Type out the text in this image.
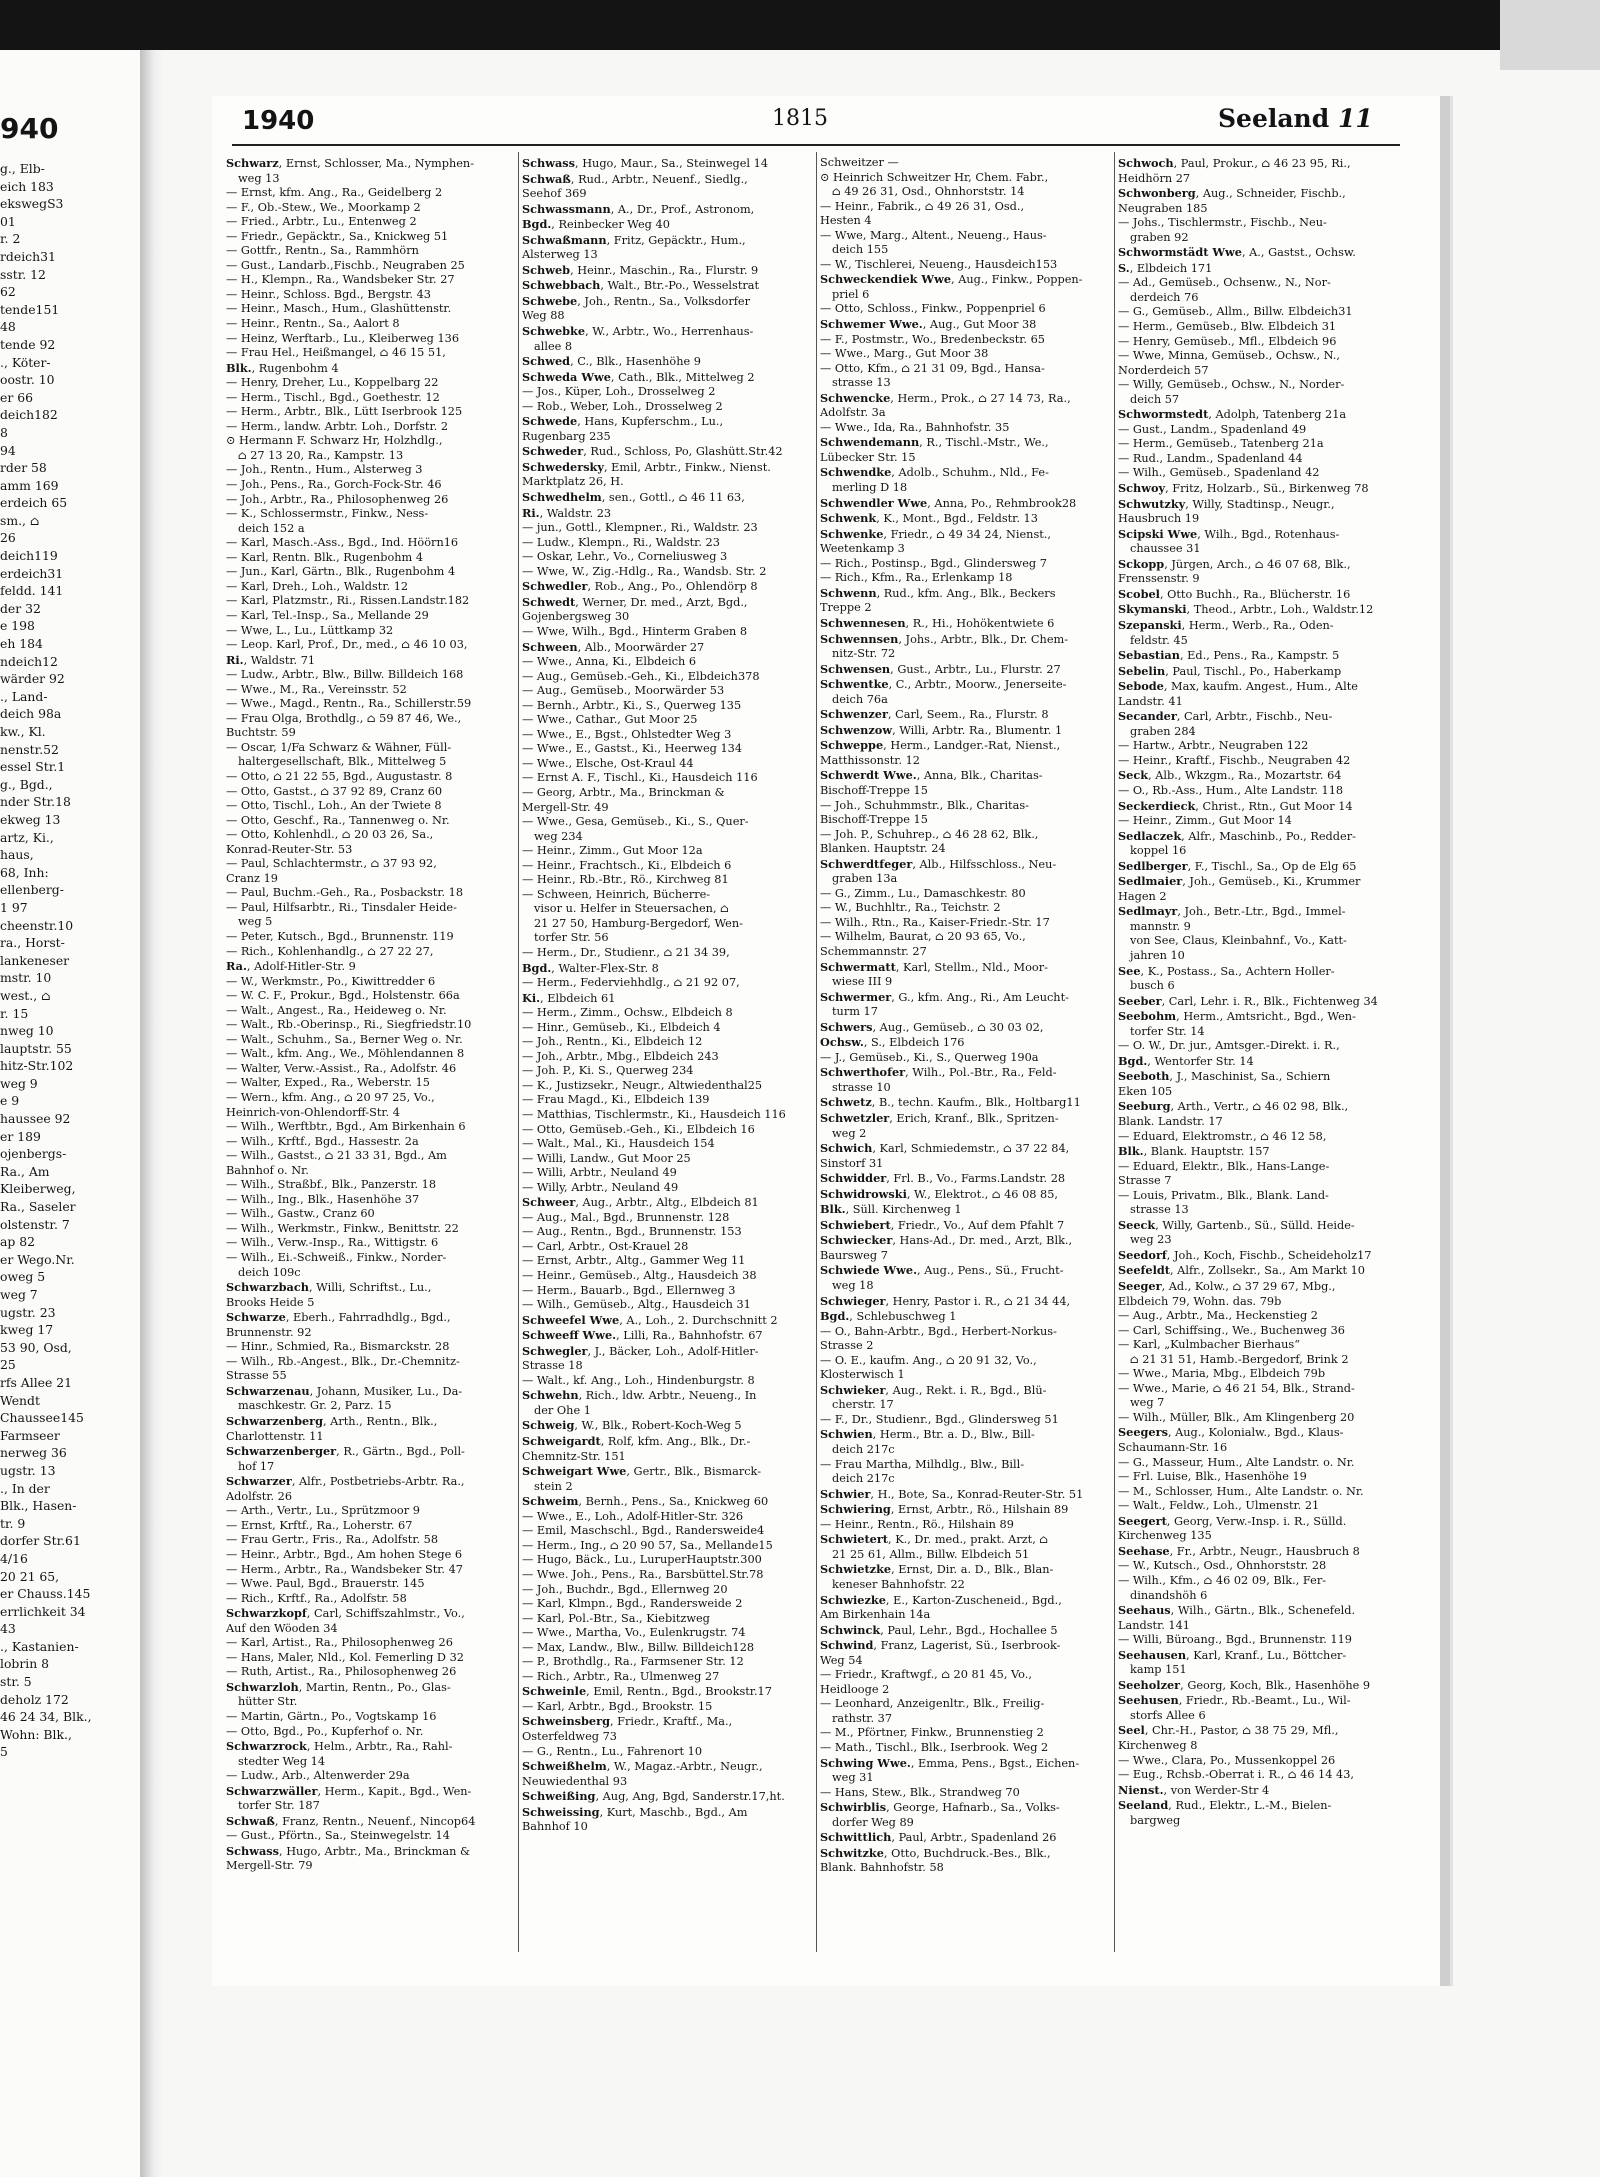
940
g., Elb-
eich 183
ekswegS3
01
r. 2
rdeich31
sstr. 12
62
tende151
48
tende 92
., Köter-
oostr. 10
er 66
deich182
8
94
rder 58
amm 169
erdeich 65
sm., ⌂
26
deich119
erdeich31
feldd. 141
der 32
e 198
eh 184
ndeich12
wärder 92
., Land-
deich 98a
kw., Kl.
nenstr.52
essel Str.1
g., Bgd.,
nder Str.18
ekweg 13
artz, Ki.,
haus,
68, Inh:
ellenberg-
1 97
cheenstr.10
ra., Horst-
lankeneser
mstr. 10
west., ⌂
r. 15
nweg 10
lauptstr. 55
hitz-Str.102
weg 9
e 9
haussee 92
er 189
ojenbergs-
Ra., Am
Kleiberweg,
Ra., Saseler
olstenstr. 7
ap 82
er Wego.Nr.
oweg 5
weg 7
ugstr. 23
kweg 17
53 90, Osd,
25
rfs Allee 21
Wendt
Chaussee145
Farmseer
nerweg 36
ugstr. 13
., In der
Blk., Hasen-
tr. 9
dorfer Str.61
4/16
20 21 65,
er Chauss.145
errlichkeit 34
43
., Kastanien-
lobrin 8
str. 5
deholz 172
46 24 34, Blk.,
Wohn: Blk.,
5
1940	1815	Seeland 11
Schwarz, Ernst, Schlosser, Ma., Nymphen-
weg 13
— Ernst, kfm. Ang., Ra., Geidelberg 2
— F., Ob.-Stew., We., Moorkamp 2
— Fried., Arbtr., Lu., Entenweg 2
— Friedr., Gepäcktr., Sa., Knickweg 51
— Gottfr., Rentn., Sa., Rammhörn
— Gust., Landarb.,Fischb., Neugraben 25
— H., Klempn., Ra., Wandsbeker Str. 27
— Heinr., Schloss. Bgd., Bergstr. 43
— Heinr., Masch., Hum., Glashüttenstr.
— Heinr., Rentn., Sa., Aalort 8
— Heinz, Werftarb., Lu., Kleiberweg 136
— Frau Hel., Heißmangel, ⌂ 46 15 51,
Blk., Rugenbohm 4
— Henry, Dreher, Lu., Koppelbarg 22
— Herm., Tischl., Bgd., Goethestr. 12
— Herm., Arbtr., Blk., Lütt Iserbrook 125
— Herm., landw. Arbtr. Loh., Dorfstr. 2
⊙ Hermann F. Schwarz Hr, Holzhdlg.,
⌂ 27 13 20, Ra., Kampstr. 13
— Joh., Rentn., Hum., Alsterweg 3
— Joh., Pens., Ra., Gorch-Fock-Str. 46
— Joh., Arbtr., Ra., Philosophenweg 26
— K., Schlossermstr., Finkw., Ness-
deich 152 a
— Karl, Masch.-Ass., Bgd., Ind. Höörn16
— Karl, Rentn. Blk., Rugenbohm 4
— Jun., Karl, Gärtn., Blk., Rugenbohm 4
— Karl, Dreh., Loh., Waldstr. 12
— Karl, Platzmstr., Ri., Rissen.Landstr.182
— Karl, Tel.-Insp., Sa., Mellande 29
— Wwe, L., Lu., Lüttkamp 32
— Leop. Karl, Prof., Dr., med., ⌂ 46 10 03,
Ri., Waldstr. 71
— Ludw., Arbtr., Blw., Billw. Billdeich 168
— Wwe., M., Ra., Vereinsstr. 52
— Wwe., Magd., Rentn., Ra., Schillerstr.59
— Frau Olga, Brothdlg., ⌂ 59 87 46, We.,
Buchtstr. 59
— Oscar, 1/Fa Schwarz & Wähner, Füll-
haltergesellschaft, Blk., Mittelweg 5
— Otto, ⌂ 21 22 55, Bgd., Augustastr. 8
— Otto, Gastst., ⌂ 37 92 89, Cranz 60
— Otto, Tischl., Loh., An der Twiete 8
— Otto, Geschf., Ra., Tannenweg o. Nr.
— Otto, Kohlenhdl., ⌂ 20 03 26, Sa.,
Konrad-Reuter-Str. 53
— Paul, Schlachtermstr., ⌂ 37 93 92,
Cranz 19
— Paul, Buchm.-Geh., Ra., Posbackstr. 18
— Paul, Hilfsarbtr., Ri., Tinsdaler Heide-
weg 5
— Peter, Kutsch., Bgd., Brunnenstr. 119
— Rich., Kohlenhandlg., ⌂ 27 22 27,
Ra., Adolf-Hitler-Str. 9
— W., Werkmstr., Po., Kiwittredder 6
— W. C. F., Prokur., Bgd., Holstenstr. 66a
— Walt., Angest., Ra., Heideweg o. Nr.
— Walt., Rb.-Oberinsp., Ri., Siegfriedstr.10
— Walt., Schuhm., Sa., Berner Weg o. Nr.
— Walt., kfm. Ang., We., Möhlendannen 8
— Walter, Verw.-Assist., Ra., Adolfstr. 46
— Walter, Exped., Ra., Weberstr. 15
— Wern., kfm. Ang., ⌂ 20 97 25, Vo.,
Heinrich-von-Ohlendorff-Str. 4
— Wilh., Werftbtr., Bgd., Am Birkenhain 6
— Wilh., Krftf., Bgd., Hassestr. 2a
— Wilh., Gastst., ⌂ 21 33 31, Bgd., Am
Bahnhof o. Nr.
— Wilh., Straßbf., Blk., Panzerstr. 18
— Wilh., Ing., Blk., Hasenhöhe 37
— Wilh., Gastw., Cranz 60
— Wilh., Werkmstr., Finkw., Benittstr. 22
— Wilh., Verw.-Insp., Ra., Wittigstr. 6
— Wilh., Ei.-Schweiß., Finkw., Norder-
deich 109c
Schwarzbach, Willi, Schriftst., Lu.,
Brooks Heide 5
Schwarze, Eberh., Fahrradhdlg., Bgd.,
Brunnenstr. 92
— Hinr., Schmied, Ra., Bismarckstr. 28
— Wilh., Rb.-Angest., Blk., Dr.-Chemnitz-
Strasse 55
Schwarzenau, Johann, Musiker, Lu., Da-
maschkestr. Gr. 2, Parz. 15
Schwarzenberg, Arth., Rentn., Blk.,
Charlottenstr. 11
Schwarzenberger, R., Gärtn., Bgd., Poll-
hof 17
Schwarzer, Alfr., Postbetriebs-Arbtr. Ra.,
Adolfstr. 26
— Arth., Vertr., Lu., Sprützmoor 9
— Ernst, Krftf., Ra., Loherstr. 67
— Frau Gertr., Fris., Ra., Adolfstr. 58
— Heinr., Arbtr., Bgd., Am hohen Stege 6
— Herm., Arbtr., Ra., Wandsbeker Str. 47
— Wwe. Paul, Bgd., Brauerstr. 145
— Rich., Krftf., Ra., Adolfstr. 58
Schwarzkopf, Carl, Schiffszahlmstr., Vo.,
Auf den Wöoden 34
— Karl, Artist., Ra., Philosophenweg 26
— Hans, Maler, Nld., Kol. Femerling D 32
— Ruth, Artist., Ra., Philosophenweg 26
Schwarzloh, Martin, Rentn., Po., Glas-
hütter Str.
— Martin, Gärtn., Po., Vogtskamp 16
— Otto, Bgd., Po., Kupferhof o. Nr.
Schwarzrock, Helm., Arbtr., Ra., Rahl-
stedter Weg 14
— Ludw., Arb., Altenwerder 29a
Schwarzwäller, Herm., Kapit., Bgd., Wen-
torfer Str. 187
Schwaß, Franz, Rentn., Neuenf., Nincop64
— Gust., Pförtn., Sa., Steinwegelstr. 14
Schwass, Hugo, Arbtr., Ma., Brinckman &
Mergell-Str. 79
Schwass, Hugo, Maur., Sa., Steinwegel 14
Schwaß, Rud., Arbtr., Neuenf., Siedlg.,
Seehof 369
Schwassmann, A., Dr., Prof., Astronom,
Bgd., Reinbecker Weg 40
Schwaßmann, Fritz, Gepäcktr., Hum.,
Alsterweg 13
Schweb, Heinr., Maschin., Ra., Flurstr. 9
Schwebbach, Walt., Btr.-Po., Wesselstrat
Schwebe, Joh., Rentn., Sa., Volksdorfer
Weg 88
Schwebke, W., Arbtr., Wo., Herrenhaus-
allee 8
Schwed, C., Blk., Hasenhöhe 9
Schweda Wwe, Cath., Blk., Mittelweg 2
— Jos., Küper, Loh., Drosselweg 2
— Rob., Weber, Loh., Drosselweg 2
Schwede, Hans, Kupferschm., Lu.,
Rugenbarg 235
Schweder, Rud., Schloss, Po, Glashütt.Str.42
Schwedersky, Emil, Arbtr., Finkw., Nienst.
Marktplatz 26, H.
Schwedhelm, sen., Gottl., ⌂ 46 11 63,
Ri., Waldstr. 23
— jun., Gottl., Klempner., Ri., Waldstr. 23
— Ludw., Klempn., Ri., Waldstr. 23
— Oskar, Lehr., Vo., Corneliusweg 3
— Wwe, W., Zig.-Hdlg., Ra., Wandsb. Str. 2
Schwedler, Rob., Ang., Po., Ohlendörp 8
Schwedt, Werner, Dr. med., Arzt, Bgd.,
Gojenbergsweg 30
— Wwe, Wilh., Bgd., Hinterm Graben 8
Schween, Alb., Moorwärder 27
— Wwe., Anna, Ki., Elbdeich 6
— Aug., Gemüseb.-Geh., Ki., Elbdeich378
— Aug., Gemüseb., Moorwärder 53
— Bernh., Arbtr., Ki., S., Querweg 135
— Wwe., Cathar., Gut Moor 25
— Wwe., E., Bgst., Ohlstedter Weg 3
— Wwe., E., Gastst., Ki., Heerweg 134
— Wwe., Elsche, Ost-Kraul 44
— Ernst A. F., Tischl., Ki., Hausdeich 116
— Georg, Arbtr., Ma., Brinckman &
Mergell-Str. 49
— Wwe., Gesa, Gemüseb., Ki., S., Quer-
weg 234
— Heinr., Zimm., Gut Moor 12a
— Heinr., Frachtsch., Ki., Elbdeich 6
— Heinr., Rb.-Btr., Rö., Kirchweg 81
— Schween, Heinrich, Bücherre-
visor u. Helfer in Steuersachen, ⌂
21 27 50, Hamburg-Bergedorf, Wen-
torfer Str. 56
— Herm., Dr., Studienr., ⌂ 21 34 39,
Bgd., Walter-Flex-Str. 8
— Herm., Federviehhdlg., ⌂ 21 92 07,
Ki., Elbdeich 61
— Herm., Zimm., Ochsw., Elbdeich 8
— Hinr., Gemüseb., Ki., Elbdeich 4
— Joh., Rentn., Ki., Elbdeich 12
— Joh., Arbtr., Mbg., Elbdeich 243
— Joh. P., Ki. S., Querweg 234
— K., Justizsekr., Neugr., Altwiedenthal25
— Frau Magd., Ki., Elbdeich 139
— Matthias, Tischlermstr., Ki., Hausdeich 116
— Otto, Gemüseb.-Geh., Ki., Elbdeich 16
— Walt., Mal., Ki., Hausdeich 154
— Willi, Landw., Gut Moor 25
— Willi, Arbtr., Neuland 49
— Willy, Arbtr., Neuland 49
Schweer, Aug., Arbtr., Altg., Elbdeich 81
— Aug., Mal., Bgd., Brunnenstr. 128
— Aug., Rentn., Bgd., Brunnenstr. 153
— Carl, Arbtr., Ost-Krauel 28
— Ernst, Arbtr., Altg., Gammer Weg 11
— Heinr., Gemüseb., Altg., Hausdeich 38
— Herm., Bauarb., Bgd., Ellernweg 3
— Wilh., Gemüseb., Altg., Hausdeich 31
Schweefel Wwe, A., Loh., 2. Durchschnitt 2
Schweeff Wwe., Lilli, Ra., Bahnhofstr. 67
Schwegler, J., Bäcker, Loh., Adolf-Hitler-
Strasse 18
— Walt., kf. Ang., Loh., Hindenburgstr. 8
Schwehn, Rich., ldw. Arbtr., Neueng., In
der Ohe 1
Schweig, W., Blk., Robert-Koch-Weg 5
Schweigardt, Rolf, kfm. Ang., Blk., Dr.-
Chemnitz-Str. 151
Schweigart Wwe, Gertr., Blk., Bismarck-
stein 2
Schweim, Bernh., Pens., Sa., Knickweg 60
— Wwe., E., Loh., Adolf-Hitler-Str. 326
— Emil, Maschschl., Bgd., Randersweide4
— Herm., Ing., ⌂ 20 90 57, Sa., Mellande15
— Hugo, Bäck., Lu., LuruperHauptstr.300
— Wwe. Joh., Pens., Ra., Barsbüttel.Str.78
— Joh., Buchdr., Bgd., Ellernweg 20
— Karl, Klmpn., Bgd., Randersweide 2
— Karl, Pol.-Btr., Sa., Kiebitzweg
— Wwe., Martha, Vo., Eulenkrugstr. 74
— Max, Landw., Blw., Billw. Billdeich128
— P., Brothdlg., Ra., Farmsener Str. 12
— Rich., Arbtr., Ra., Ulmenweg 27
Schweinle, Emil, Rentn., Bgd., Brookstr.17
— Karl, Arbtr., Bgd., Brookstr. 15
Schweinsberg, Friedr., Kraftf., Ma.,
Osterfeldweg 73
— G., Rentn., Lu., Fahrenort 10
Schweißhelm, W., Magaz.-Arbtr., Neugr.,
Neuwiedenthal 93
Schweißing, Aug, Ang, Bgd, Sanderstr.17,ht.
Schweissing, Kurt, Maschb., Bgd., Am
Bahnhof 10
Schweitzer —
⊙ Heinrich Schweitzer Hr, Chem. Fabr.,
⌂ 49 26 31, Osd., Ohnhorststr. 14
— Heinr., Fabrik., ⌂ 49 26 31, Osd.,
Hesten 4
— Wwe, Marg., Altent., Neueng., Haus-
deich 155
— W., Tischlerei, Neueng., Hausdeich153
Schweckendiek Wwe, Aug., Finkw., Poppen-
priel 6
— Otto, Schloss., Finkw., Poppenpriel 6
Schwemer Wwe., Aug., Gut Moor 38
— F., Postmstr., Wo., Bredenbeckstr. 65
— Wwe., Marg., Gut Moor 38
— Otto, Kfm., ⌂ 21 31 09, Bgd., Hansa-
strasse 13
Schwencke, Herm., Prok., ⌂ 27 14 73, Ra.,
Adolfstr. 3a
— Wwe., Ida, Ra., Bahnhofstr. 35
Schwendemann, R., Tischl.-Mstr., We.,
Lübecker Str. 15
Schwendke, Adolb., Schuhm., Nld., Fe-
merling D 18
Schwendler Wwe, Anna, Po., Rehmbrook28
Schwenk, K., Mont., Bgd., Feldstr. 13
Schwenke, Friedr., ⌂ 49 34 24, Nienst.,
Weetenkamp 3
— Rich., Postinsp., Bgd., Glindersweg 7
— Rich., Kfm., Ra., Erlenkamp 18
Schwenn, Rud., kfm. Ang., Blk., Beckers
Treppe 2
Schwennesen, R., Hi., Hohökentwiete 6
Schwennsen, Johs., Arbtr., Blk., Dr. Chem-
nitz-Str. 72
Schwensen, Gust., Arbtr., Lu., Flurstr. 27
Schwentke, C., Arbtr., Moorw., Jenerseite-
deich 76a
Schwenzer, Carl, Seem., Ra., Flurstr. 8
Schwenzow, Willi, Arbtr. Ra., Blumentr. 1
Schweppe, Herm., Landger.-Rat, Nienst.,
Matthissonstr. 12
Schwerdt Wwe., Anna, Blk., Charitas-
Bischoff-Treppe 15
— Joh., Schuhmmstr., Blk., Charitas-
Bischoff-Treppe 15
— Joh. P., Schuhrep., ⌂ 46 28 62, Blk.,
Blanken. Hauptstr. 24
Schwerdtfeger, Alb., Hilfsschloss., Neu-
graben 13a
— G., Zimm., Lu., Damaschkestr. 80
— W., Buchhltr., Ra., Teichstr. 2
— Wilh., Rtn., Ra., Kaiser-Friedr.-Str. 17
— Wilhelm, Baurat, ⌂ 20 93 65, Vo.,
Schemmannstr. 27
Schwermatt, Karl, Stellm., Nld., Moor-
wiese III 9
Schwermer, G., kfm. Ang., Ri., Am Leucht-
turm 17
Schwers, Aug., Gemüseb., ⌂ 30 03 02,
Ochsw., S., Elbdeich 176
— J., Gemüseb., Ki., S., Querweg 190a
Schwerthofer, Wilh., Pol.-Btr., Ra., Feld-
strasse 10
Schwetz, B., techn. Kaufm., Blk., Holtbarg11
Schwetzler, Erich, Kranf., Blk., Spritzen-
weg 2
Schwich, Karl, Schmiedemstr., ⌂ 37 22 84,
Sinstorf 31
Schwidder, Frl. B., Vo., Farms.Landstr. 28
Schwidrowski, W., Elektrot., ⌂ 46 08 85,
Blk., Süll. Kirchenweg 1
Schwiebert, Friedr., Vo., Auf dem Pfahlt 7
Schwiecker, Hans-Ad., Dr. med., Arzt, Blk.,
Baursweg 7
Schwiede Wwe., Aug., Pens., Sü., Frucht-
weg 18
Schwieger, Henry, Pastor i. R., ⌂ 21 34 44,
Bgd., Schlebuschweg 1
— O., Bahn-Arbtr., Bgd., Herbert-Norkus-
Strasse 2
— O. E., kaufm. Ang., ⌂ 20 91 32, Vo.,
Klosterwisch 1
Schwieker, Aug., Rekt. i. R., Bgd., Blü-
cherstr. 17
— F., Dr., Studienr., Bgd., Glindersweg 51
Schwien, Herm., Btr. a. D., Blw., Bill-
deich 217c
— Frau Martha, Milhdlg., Blw., Bill-
deich 217c
Schwier, H., Bote, Sa., Konrad-Reuter-Str. 51
Schwiering, Ernst, Arbtr., Rö., Hilshain 89
— Heinr., Rentn., Rö., Hilshain 89
Schwietert, K., Dr. med., prakt. Arzt, ⌂
21 25 61, Allm., Billw. Elbdeich 51
Schwietzke, Ernst, Dir. a. D., Blk., Blan-
keneser Bahnhofstr. 22
Schwiezke, E., Karton-Zuscheneid., Bgd.,
Am Birkenhain 14a
Schwinck, Paul, Lehr., Bgd., Hochallee 5
Schwind, Franz, Lagerist, Sü., Iserbrook-
Weg 54
— Friedr., Kraftwgf., ⌂ 20 81 45, Vo.,
Heidlooge 2
— Leonhard, Anzeigenltr., Blk., Freilig-
rathstr. 37
— M., Pförtner, Finkw., Brunnenstieg 2
— Math., Tischl., Blk., Iserbrook. Weg 2
Schwing Wwe., Emma, Pens., Bgst., Eichen-
weg 31
— Hans, Stew., Blk., Strandweg 70
Schwirblis, George, Hafnarb., Sa., Volks-
dorfer Weg 89
Schwittlich, Paul, Arbtr., Spadenland 26
Schwitzke, Otto, Buchdruck.-Bes., Blk.,
Blank. Bahnhofstr. 58
Schwoch, Paul, Prokur., ⌂ 46 23 95, Ri.,
Heidhörn 27
Schwonberg, Aug., Schneider, Fischb.,
Neugraben 185
— Johs., Tischlermstr., Fischb., Neu-
graben 92
Schwormstädt Wwe, A., Gastst., Ochsw.
S., Elbdeich 171
— Ad., Gemüseb., Ochsenw., N., Nor-
derdeich 76
— G., Gemüseb., Allm., Billw. Elbdeich31
— Herm., Gemüseb., Blw. Elbdeich 31
— Henry, Gemüseb., Mfl., Elbdeich 96
— Wwe, Minna, Gemüseb., Ochsw., N.,
Norderdeich 57
— Willy, Gemüseb., Ochsw., N., Norder-
deich 57
Schwormstedt, Adolph, Tatenberg 21a
— Gust., Landm., Spadenland 49
— Herm., Gemüseb., Tatenberg 21a
— Rud., Landm., Spadenland 44
— Wilh., Gemüseb., Spadenland 42
Schwoy, Fritz, Holzarb., Sü., Birkenweg 78
Schwutzky, Willy, Stadtinsp., Neugr.,
Hausbruch 19
Scipski Wwe, Wilh., Bgd., Rotenhaus-
chaussee 31
Sckopp, Jürgen, Arch., ⌂ 46 07 68, Blk.,
Frenssenstr. 9
Scobel, Otto Buchh., Ra., Blücherstr. 16
Skymanski, Theod., Arbtr., Loh., Waldstr.12
Szepanski, Herm., Werb., Ra., Oden-
feldstr. 45
Sebastian, Ed., Pens., Ra., Kampstr. 5
Sebelin, Paul, Tischl., Po., Haberkamp
Sebode, Max, kaufm. Angest., Hum., Alte
Landstr. 41
Secander, Carl, Arbtr., Fischb., Neu-
graben 284
— Hartw., Arbtr., Neugraben 122
— Heinr., Kraftf., Fischb., Neugraben 42
Seck, Alb., Wkzgm., Ra., Mozartstr. 64
— O., Rb.-Ass., Hum., Alte Landstr. 118
Seckerdieck, Christ., Rtn., Gut Moor 14
— Heinr., Zimm., Gut Moor 14
Sedlaczek, Alfr., Maschinb., Po., Redder-
koppel 16
Sedlberger, F., Tischl., Sa., Op de Elg 65
Sedlmaier, Joh., Gemüseb., Ki., Krummer
Hagen 2
Sedlmayr, Joh., Betr.-Ltr., Bgd., Immel-
mannstr. 9
von See, Claus, Kleinbahnf., Vo., Katt-
jahren 10
See, K., Postass., Sa., Achtern Holler-
busch 6
Seeber, Carl, Lehr. i. R., Blk., Fichtenweg 34
Seebohm, Herm., Amtsricht., Bgd., Wen-
torfer Str. 14
— O. W., Dr. jur., Amtsger.-Direkt. i. R.,
Bgd., Wentorfer Str. 14
Seeboth, J., Maschinist, Sa., Schiern
Eken 105
Seeburg, Arth., Vertr., ⌂ 46 02 98, Blk.,
Blank. Landstr. 17
— Eduard, Elektromstr., ⌂ 46 12 58,
Blk., Blank. Hauptstr. 157
— Eduard, Elektr., Blk., Hans-Lange-
Strasse 7
— Louis, Privatm., Blk., Blank. Land-
strasse 13
Seeck, Willy, Gartenb., Sü., Sülld. Heide-
weg 23
Seedorf, Joh., Koch, Fischb., Scheideholz17
Seefeldt, Alfr., Zollsekr., Sa., Am Markt 10
Seeger, Ad., Kolw., ⌂ 37 29 67, Mbg.,
Elbdeich 79, Wohn. das. 79b
— Aug., Arbtr., Ma., Heckenstieg 2
— Carl, Schiffsing., We., Buchenweg 36
— Karl, „Kulmbacher Bierhaus“
⌂ 21 31 51, Hamb.-Bergedorf, Brink 2
— Wwe., Maria, Mbg., Elbdeich 79b
— Wwe., Marie, ⌂ 46 21 54, Blk., Strand-
weg 7
— Wilh., Müller, Blk., Am Klingenberg 20
Seegers, Aug., Kolonialw., Bgd., Klaus-
Schaumann-Str. 16
— G., Masseur, Hum., Alte Landstr. o. Nr.
— Frl. Luise, Blk., Hasenhöhe 19
— M., Schlosser, Hum., Alte Landstr. o. Nr.
— Walt., Feldw., Loh., Ulmenstr. 21
Seegert, Georg, Verw.-Insp. i. R., Sülld.
Kirchenweg 135
Seehase, Fr., Arbtr., Neugr., Hausbruch 8
— W., Kutsch., Osd., Ohnhorststr. 28
— Wilh., Kfm., ⌂ 46 02 09, Blk., Fer-
dinandshöh 6
Seehaus, Wilh., Gärtn., Blk., Schenefeld.
Landstr. 141
— Willi, Büroang., Bgd., Brunnenstr. 119
Seehausen, Karl, Kranf., Lu., Böttcher-
kamp 151
Seeholzer, Georg, Koch, Blk., Hasenhöhe 9
Seehusen, Friedr., Rb.-Beamt., Lu., Wil-
storfs Allee 6
Seel, Chr.-H., Pastor, ⌂ 38 75 29, Mfl.,
Kirchenweg 8
— Wwe., Clara, Po., Mussenkoppel 26
— Eug., Rchsb.-Oberrat i. R., ⌂ 46 14 43,
Nienst., von Werder-Str 4
Seeland, Rud., Elektr., L.-M., Bielen-
bargweg
